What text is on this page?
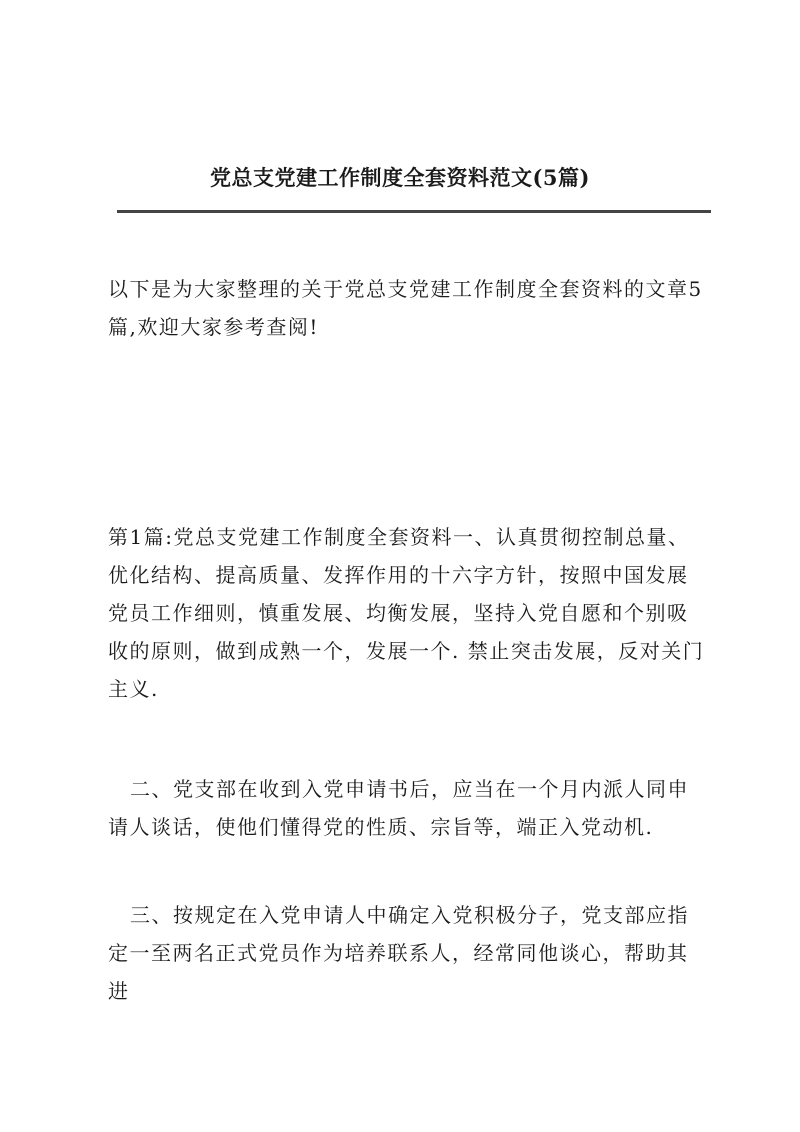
党总支党建工作制度全套资料范文(5篇)

以下是为大家整理的关于党总支党建工作制度全套资料的文章5篇,欢迎大家参考查阅!

第1篇:党总支党建工作制度全套资料一、认真贯彻控制总量、优化结构、提高质量、发挥作用的十六字方针，按照中国发展党员工作细则，慎重发展、均衡发展，坚持入党自愿和个别吸收的原则，做到成熟一个，发展一个. 禁止突击发展，反对关门主义.

二、党支部在收到入党申请书后，应当在一个月内派人同申请人谈话，使他们懂得党的性质、宗旨等，端正入党动机.

三、按规定在入党申请人中确定入党积极分子，党支部应指定一至两名正式党员作为培养联系人，经常同他谈心，帮助其进
